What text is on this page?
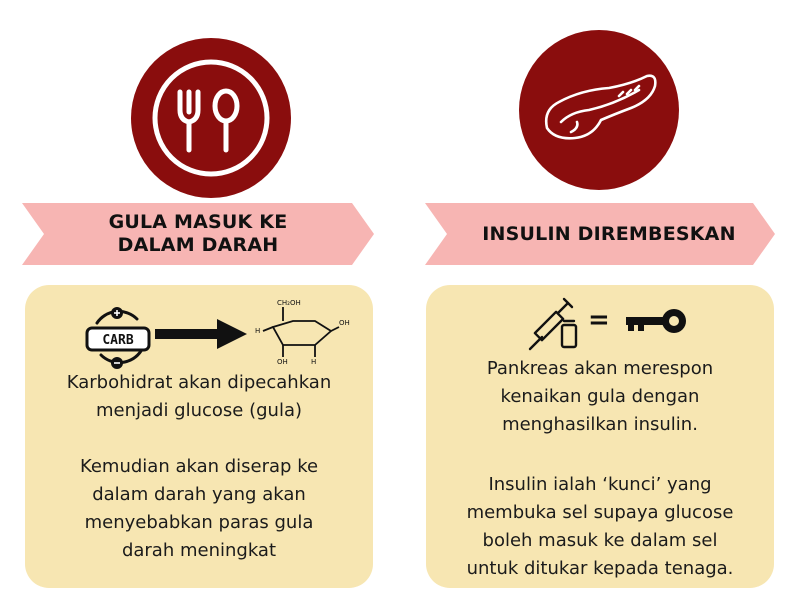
GULA MASUK KE
DALAM DARAH
CARB
CH₂OH
H
OH	H
OH
Karbohidrat akan dipecahkan
menjadi glucose (gula)
Kemudian akan diserap ke
dalam darah yang akan
menyebabkan paras gula
darah meningkat
INSULIN DIREMBESKAN
=
Pankreas akan merespon
kenaikan gula dengan
menghasilkan insulin.
Insulin ialah ‘kunci’ yang
membuka sel supaya glucose
boleh masuk ke dalam sel
untuk ditukar kepada tenaga.
